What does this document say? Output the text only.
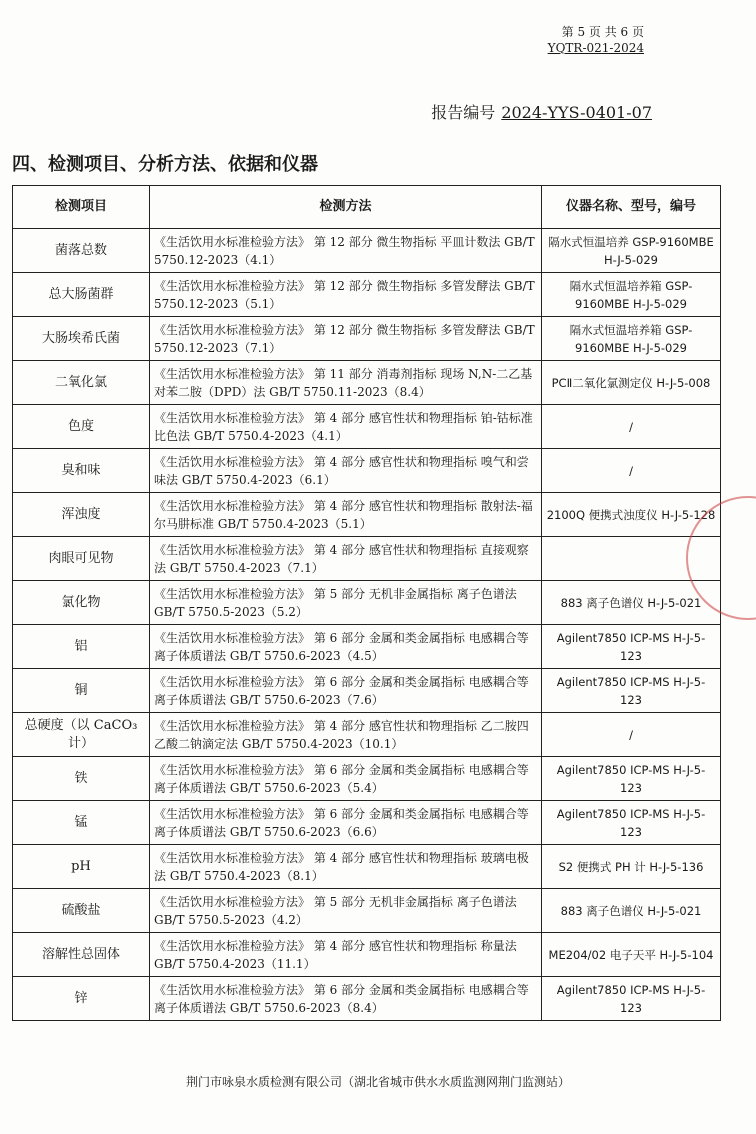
第 5 页 共 6 页
YQTR-021-2024
报告编号 2024-YYS-0401-07
四、检测项目、分析方法、依据和仪器
检测项目	检测方法	仪器名称、型号，编号
菌落总数	《生活饮用水标准检验方法》 第 12 部分 微生物指标 平皿计数法 GB/T 5750.12-2023（4.1）	隔水式恒温培养 GSP-9160MBE H-J-5-029
总大肠菌群	《生活饮用水标准检验方法》 第 12 部分 微生物指标 多管发酵法 GB/T 5750.12-2023（5.1）	隔水式恒温培养箱 GSP-9160MBE H-J-5-029
大肠埃希氏菌	《生活饮用水标准检验方法》 第 12 部分 微生物指标 多管发酵法 GB/T 5750.12-2023（7.1）	隔水式恒温培养箱 GSP-9160MBE H-J-5-029
二氧化氯	《生活饮用水标准检验方法》 第 11 部分 消毒剂指标 现场 N,N-二乙基对苯二胺（DPD）法 GB/T 5750.11-2023（8.4）	PCⅡ二氧化氯测定仪 H-J-5-008
色度	《生活饮用水标准检验方法》 第 4 部分 感官性状和物理指标 铂-钴标准比色法 GB/T 5750.4-2023（4.1）	/
臭和味	《生活饮用水标准检验方法》 第 4 部分 感官性状和物理指标 嗅气和尝味法 GB/T 5750.4-2023（6.1）	/
浑浊度	《生活饮用水标准检验方法》 第 4 部分 感官性状和物理指标 散射法-福尔马肼标准 GB/T 5750.4-2023（5.1）	2100Q 便携式浊度仪 H-J-5-128
肉眼可见物	《生活饮用水标准检验方法》 第 4 部分 感官性状和物理指标 直接观察法 GB/T 5750.4-2023（7.1）	
氯化物	《生活饮用水标准检验方法》 第 5 部分 无机非金属指标 离子色谱法 GB/T 5750.5-2023（5.2）	883 离子色谱仪 H-J-5-021
铝	《生活饮用水标准检验方法》 第 6 部分 金属和类金属指标 电感耦合等离子体质谱法 GB/T 5750.6-2023（4.5）	Agilent7850 ICP-MS H-J-5-123
铜	《生活饮用水标准检验方法》 第 6 部分 金属和类金属指标 电感耦合等离子体质谱法 GB/T 5750.6-2023（7.6）	Agilent7850 ICP-MS H-J-5-123
总硬度（以 CaCO₃ 计）	《生活饮用水标准检验方法》 第 4 部分 感官性状和物理指标 乙二胺四乙酸二钠滴定法 GB/T 5750.4-2023（10.1）	/
铁	《生活饮用水标准检验方法》 第 6 部分 金属和类金属指标 电感耦合等离子体质谱法 GB/T 5750.6-2023（5.4）	Agilent7850 ICP-MS H-J-5-123
锰	《生活饮用水标准检验方法》 第 6 部分 金属和类金属指标 电感耦合等离子体质谱法 GB/T 5750.6-2023（6.6）	Agilent7850 ICP-MS H-J-5-123
pH	《生活饮用水标准检验方法》 第 4 部分 感官性状和物理指标 玻璃电极法 GB/T 5750.4-2023（8.1）	S2 便携式 PH 计 H-J-5-136
硫酸盐	《生活饮用水标准检验方法》 第 5 部分 无机非金属指标 离子色谱法 GB/T 5750.5-2023（4.2）	883 离子色谱仪 H-J-5-021
溶解性总固体	《生活饮用水标准检验方法》 第 4 部分 感官性状和物理指标 称量法 GB/T 5750.4-2023（11.1）	ME204/02 电子天平 H-J-5-104
锌	《生活饮用水标准检验方法》 第 6 部分 金属和类金属指标 电感耦合等离子体质谱法 GB/T 5750.6-2023（8.4）	Agilent7850 ICP-MS H-J-5-123
荆门市咏泉水质检测有限公司（湖北省城市供水水质监测网荆门监测站）
